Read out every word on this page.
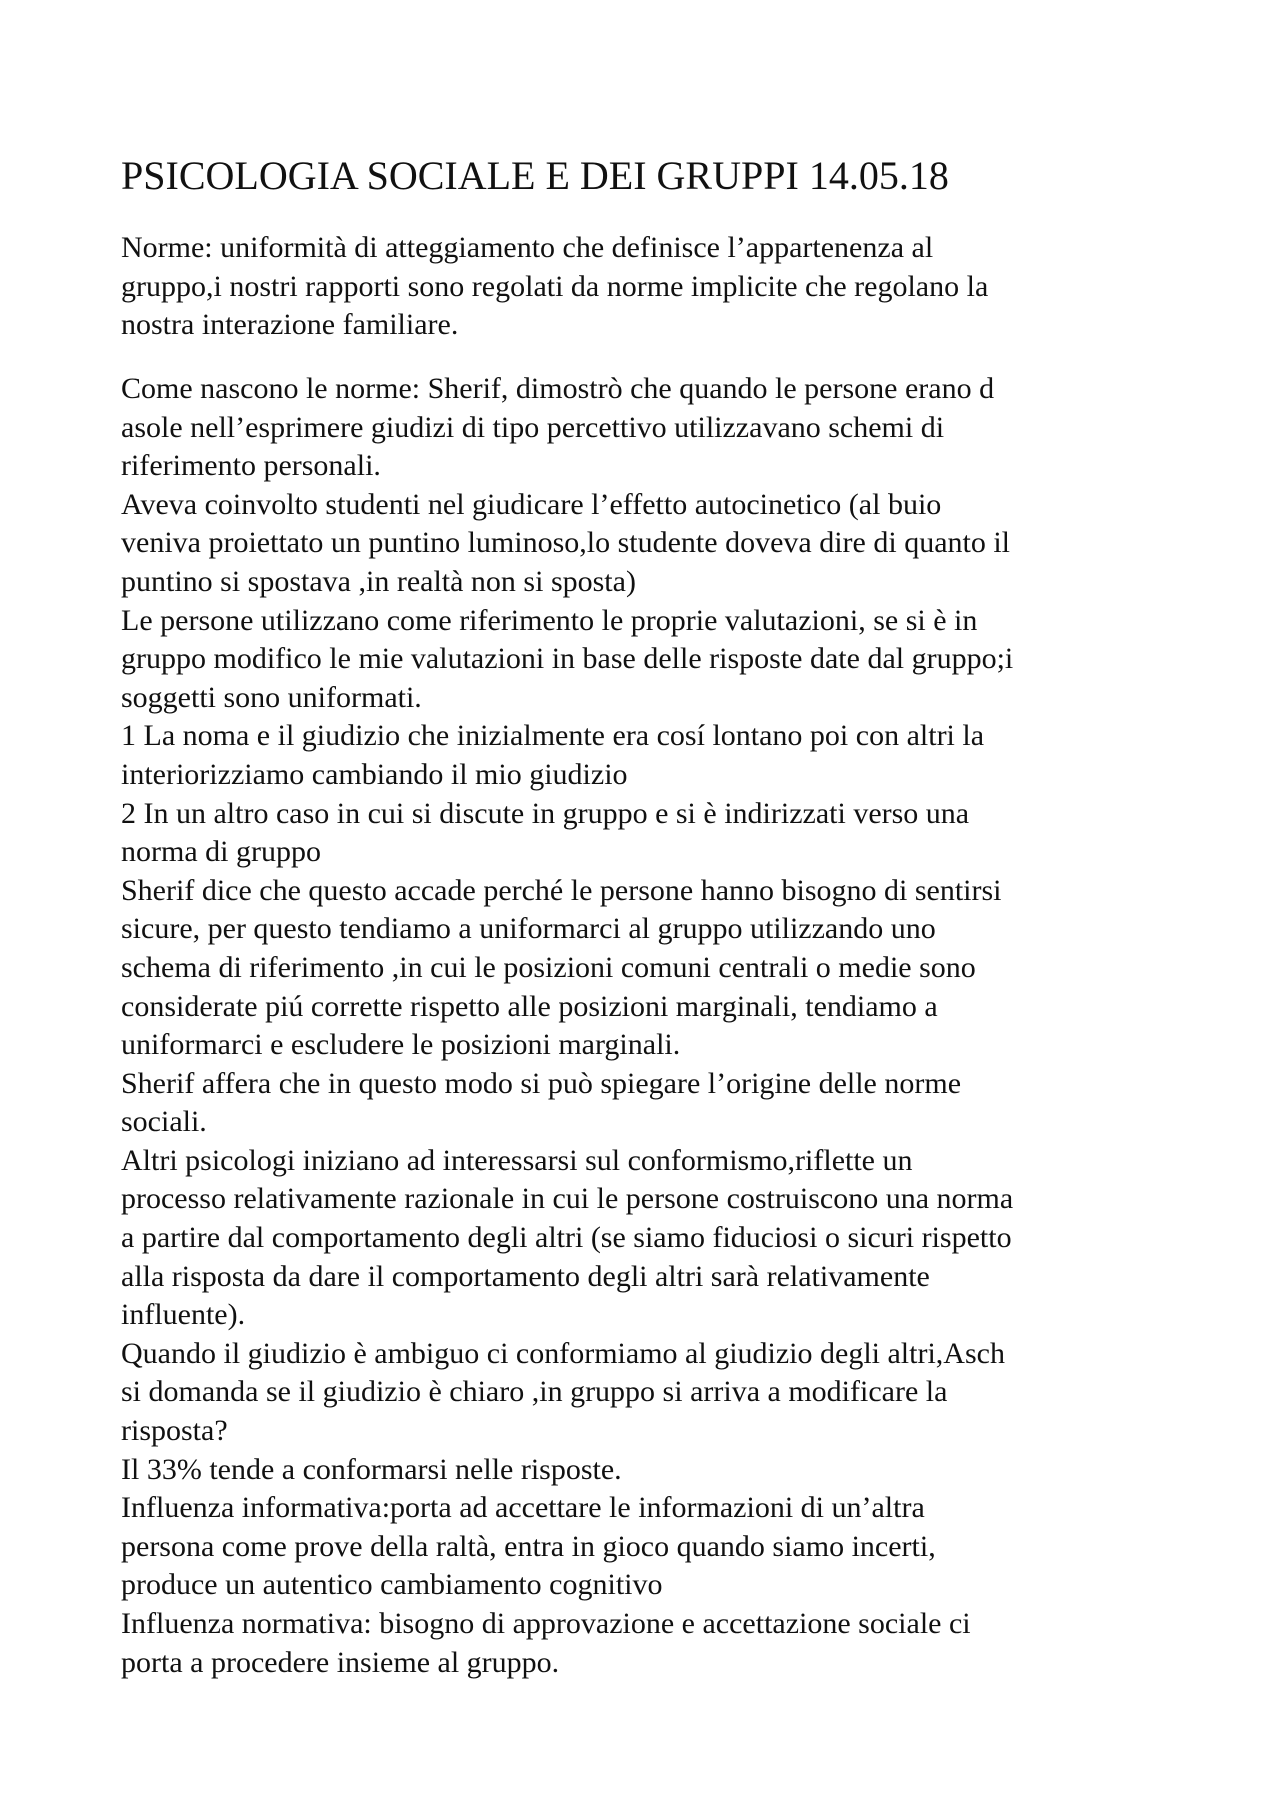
PSICOLOGIA SOCIALE E DEI GRUPPI 14.05.18
Norme: uniformità di atteggiamento che definisce l’appartenenza al
gruppo,i nostri rapporti sono regolati da norme implicite che regolano la
nostra interazione familiare.
Come nascono le norme: Sherif, dimostrò che quando le persone erano d
asole nell’esprimere giudizi di tipo percettivo utilizzavano schemi di
riferimento personali.
Aveva coinvolto studenti nel giudicare l’effetto autocinetico (al buio
veniva proiettato un puntino luminoso,lo studente doveva dire di quanto il
puntino si spostava ,in realtà non si sposta)
Le persone utilizzano come riferimento le proprie valutazioni, se si è in
gruppo modifico le mie valutazioni in base delle risposte date dal gruppo;i
soggetti sono uniformati.
1 La noma e il giudizio che inizialmente era cosí lontano poi con altri la
interiorizziamo cambiando il mio giudizio
2 In un altro caso in cui si discute in gruppo e si è indirizzati verso una
norma di gruppo
Sherif dice che questo accade perché le persone hanno bisogno di sentirsi
sicure, per questo tendiamo a uniformarci al gruppo utilizzando uno
schema di riferimento ,in cui le posizioni comuni centrali o medie sono
considerate piú corrette rispetto alle posizioni marginali, tendiamo a
uniformarci e escludere le posizioni marginali.
Sherif affera che in questo modo si può spiegare l’origine delle norme
sociali.
Altri psicologi iniziano ad interessarsi sul conformismo,riflette un
processo relativamente razionale in cui le persone costruiscono una norma
a partire dal comportamento degli altri (se siamo fiduciosi o sicuri rispetto
alla risposta da dare il comportamento degli altri sarà relativamente
influente).
Quando il giudizio è ambiguo ci conformiamo al giudizio degli altri,Asch
si domanda se il giudizio è chiaro ,in gruppo si arriva a modificare la
risposta?
Il 33% tende a conformarsi nelle risposte.
Influenza informativa:porta ad accettare le informazioni di un’altra
persona come prove della raltà, entra in gioco quando siamo incerti,
produce un autentico cambiamento cognitivo
Influenza normativa: bisogno di approvazione e accettazione sociale ci
porta a procedere insieme al gruppo.
